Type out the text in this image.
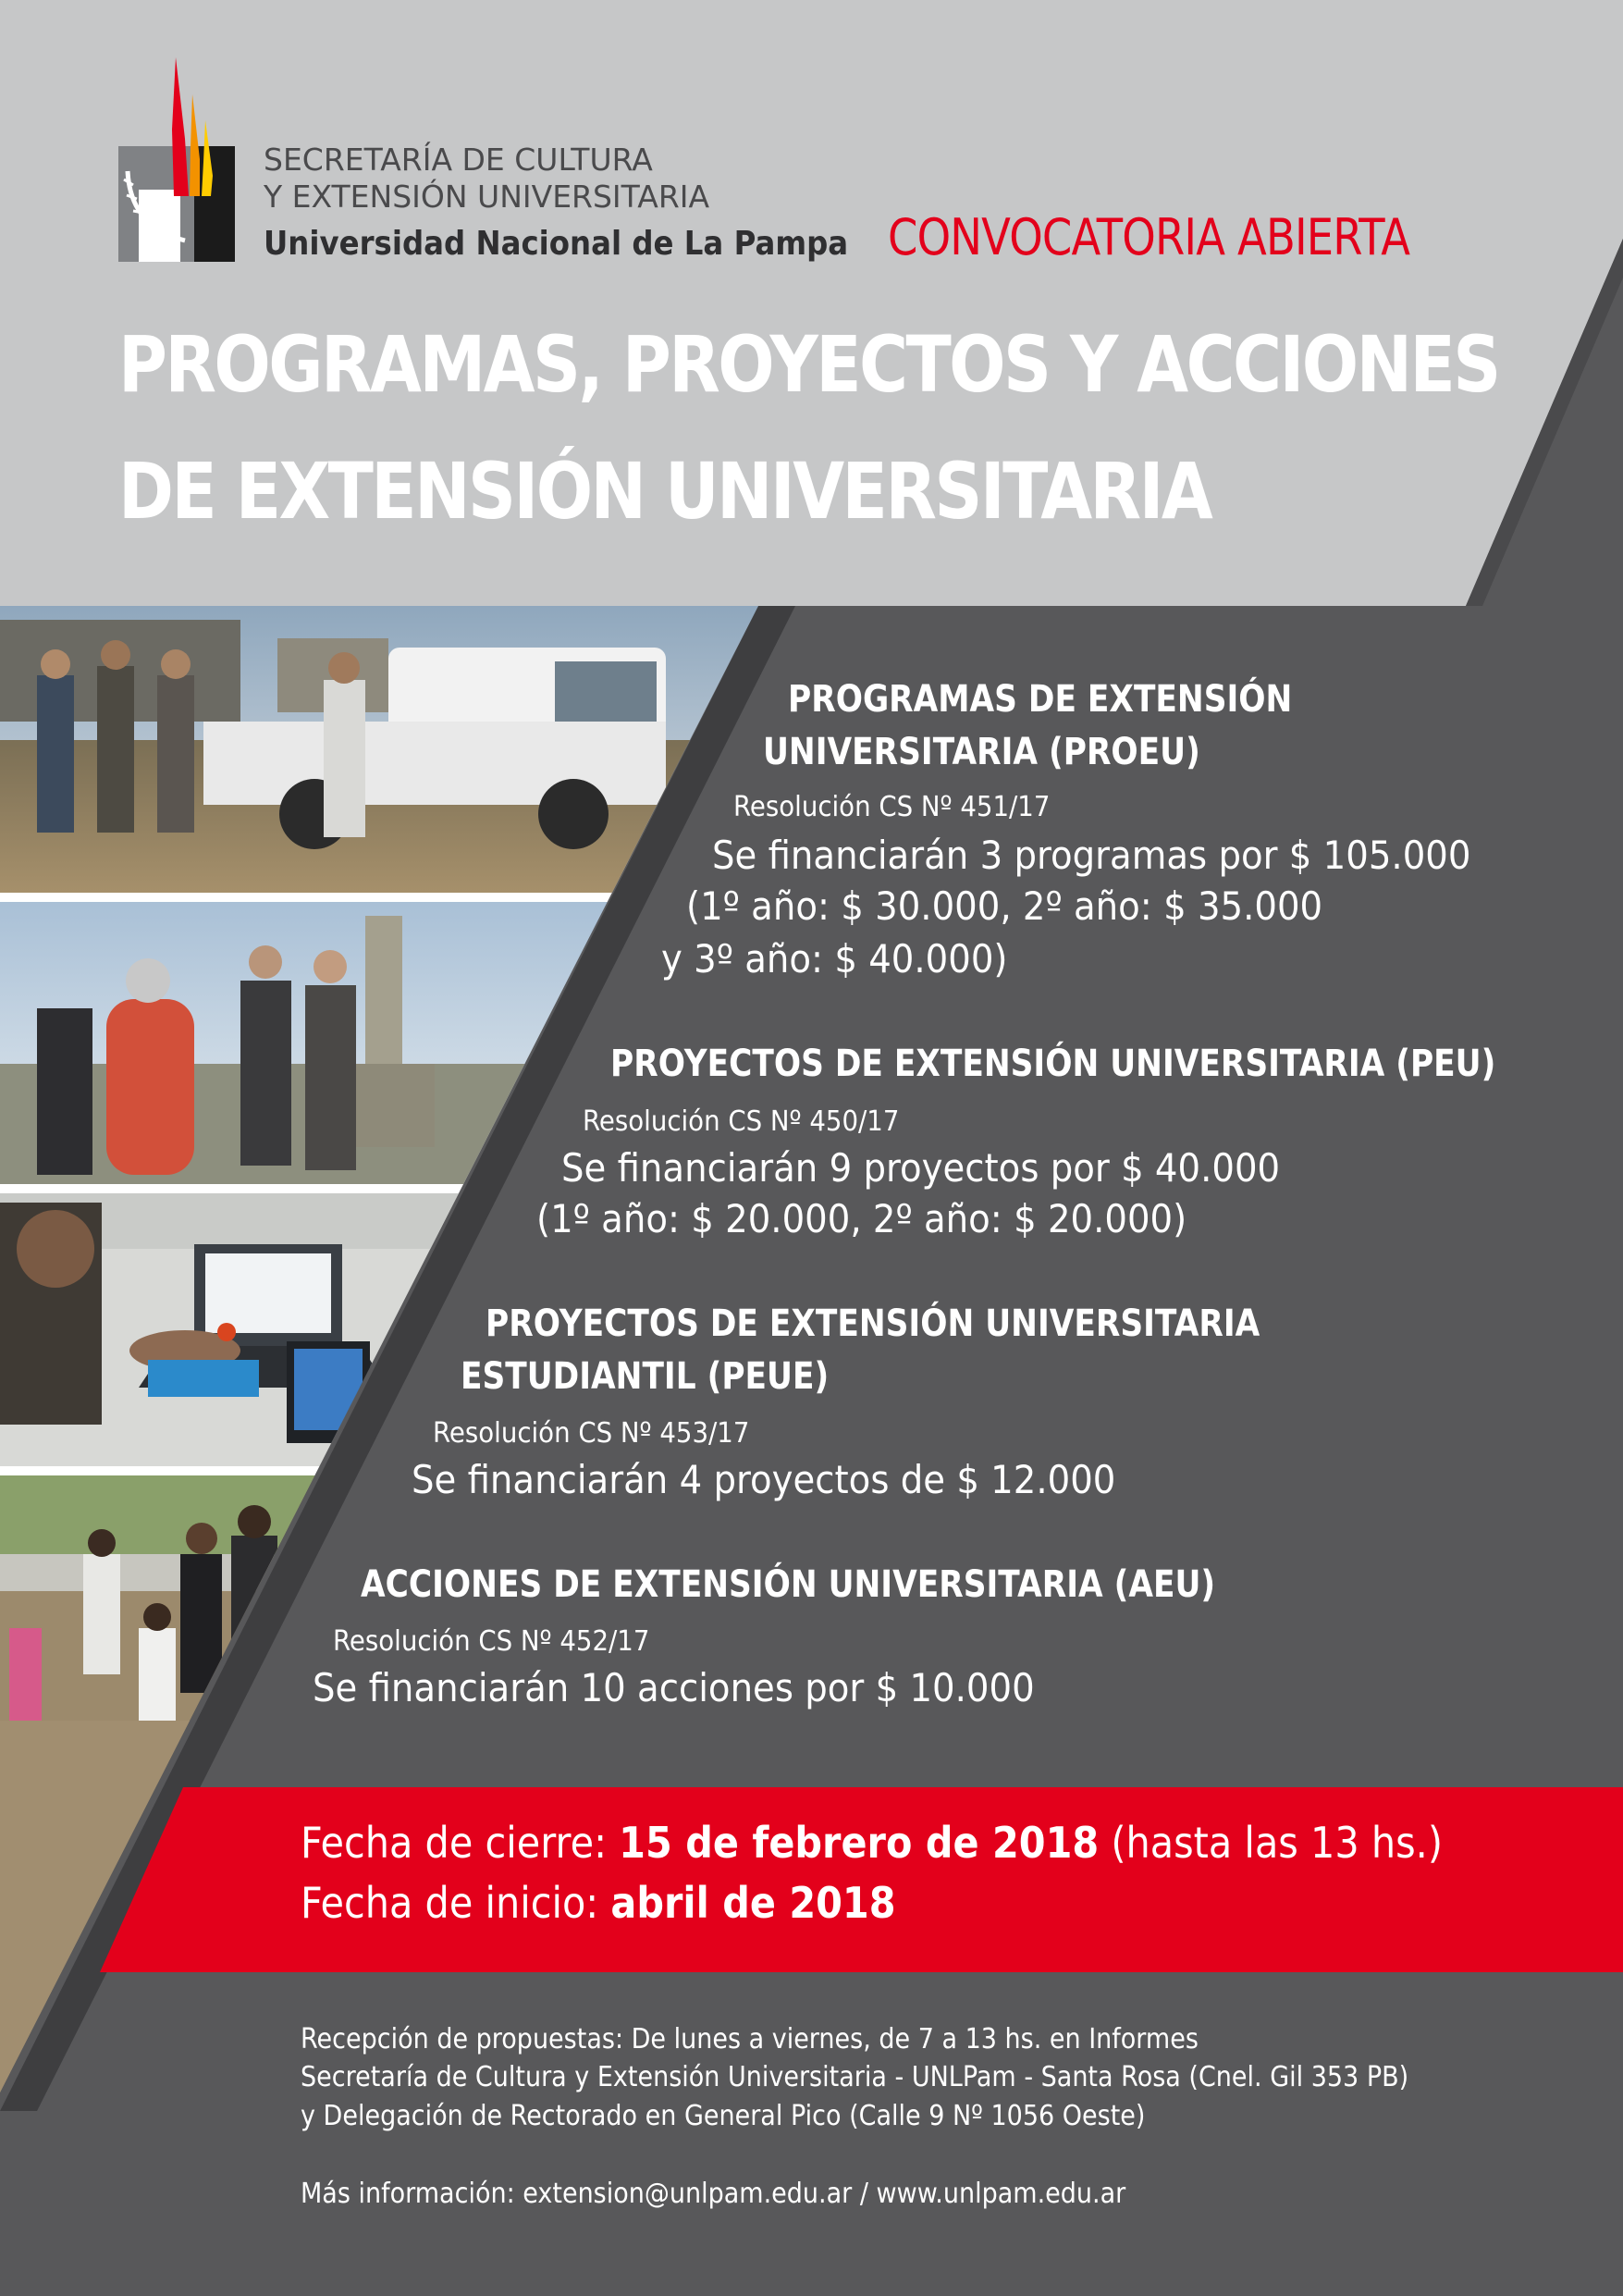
SECRETARÍA DE CULTURA
Y EXTENSIÓN UNIVERSITARIA
Universidad Nacional de La Pampa CONVOCATORIA ABIERTA
PROGRAMAS, PROYECTOS Y ACCIONES
DE EXTENSIÓN UNIVERSITARIA
PROGRAMAS DE EXTENSIÓN
UNIVERSITARIA (PROEU)
Resolución CS Nº 451/17
Se financiarán 3 programas por $ 105.000
(1º año: $ 30.000, 2º año: $ 35.000
y 3º año: $ 40.000)
PROYECTOS DE EXTENSIÓN UNIVERSITARIA (PEU)
Resolución CS Nº 450/17
Se financiarán 9 proyectos por $ 40.000
(1º año: $ 20.000, 2º año: $ 20.000)
PROYECTOS DE EXTENSIÓN UNIVERSITARIA
ESTUDIANTIL (PEUE)
Resolución CS Nº 453/17
Se financiarán 4 proyectos de $ 12.000
ACCIONES DE EXTENSIÓN UNIVERSITARIA (AEU)
Resolución CS Nº 452/17
Se financiarán 10 acciones por $ 10.000
Fecha de cierre: 15 de febrero de 2018 (hasta las 13 hs.)
Fecha de inicio: abril de 2018
Recepción de propuestas: De lunes a viernes, de 7 a 13 hs. en Informes
Secretaría de Cultura y Extensión Universitaria - UNLPam - Santa Rosa (Cnel. Gil 353 PB)
y Delegación de Rectorado en General Pico (Calle 9 Nº 1056 Oeste)
Más información: extension@unlpam.edu.ar / www.unlpam.edu.ar
